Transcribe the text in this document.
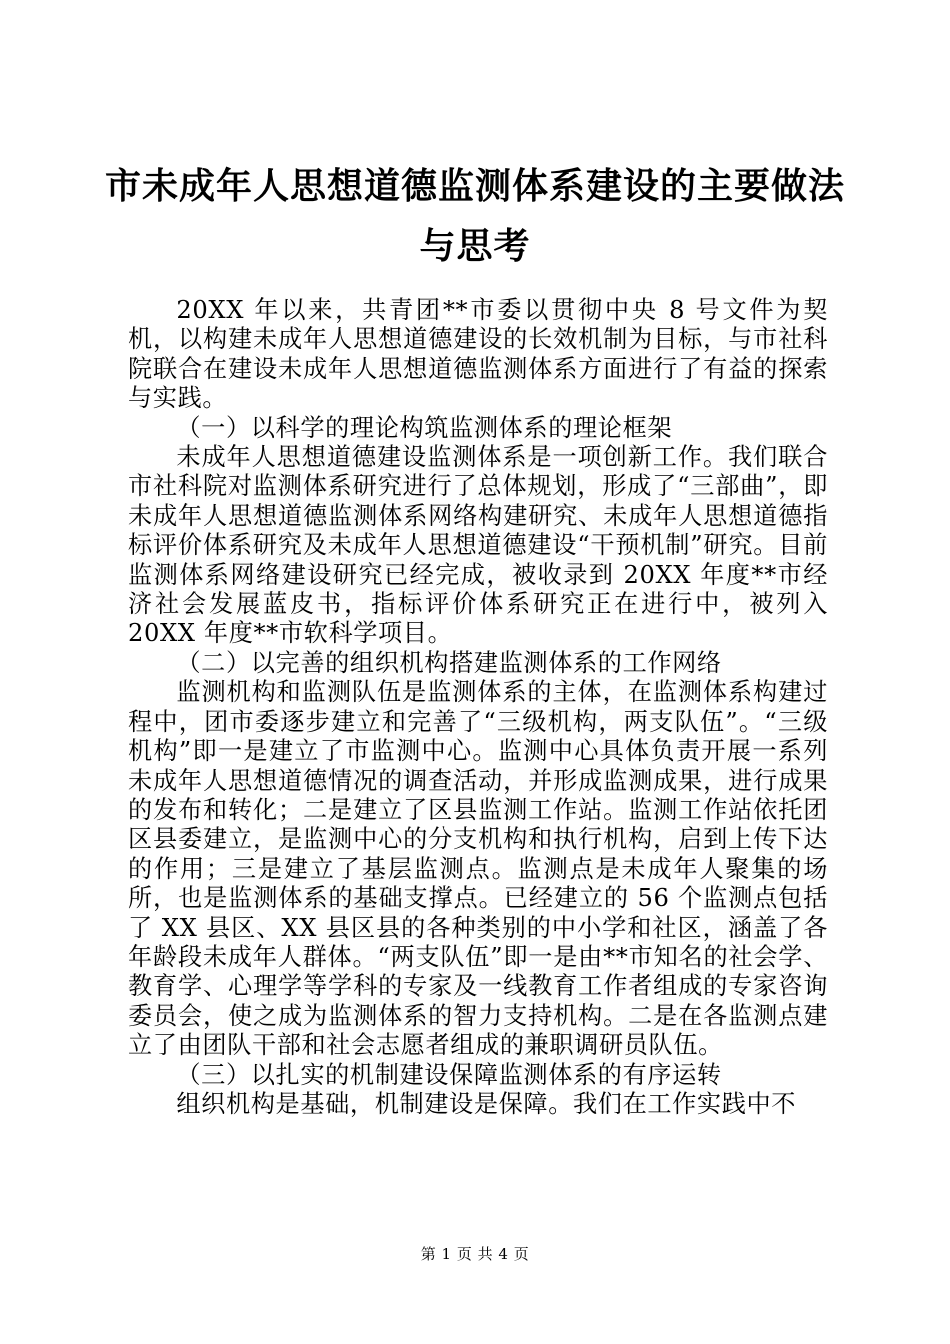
市未成年人思想道德监测体系建设的主要做法
与思考

20XX 年以来，共青团**市委以贯彻中央 8 号文件为契机，以构建未成年人思想道德建设的长效机制为目标，与市社科院联合在建设未成年人思想道德监测体系方面进行了有益的探索与实践。

（一）以科学的理论构筑监测体系的理论框架

未成年人思想道德建设监测体系是一项创新工作。我们联合市社科院对监测体系研究进行了总体规划，形成了“三部曲”，即未成年人思想道德监测体系网络构建研究、未成年人思想道德指标评价体系研究及未成年人思想道德建设“干预机制”研究。目前监测体系网络建设研究已经完成，被收录到 20XX 年度**市经济社会发展蓝皮书，指标评价体系研究正在进行中，被列入 20XX 年度**市软科学项目。

（二）以完善的组织机构搭建监测体系的工作网络

监测机构和监测队伍是监测体系的主体，在监测体系构建过程中，团市委逐步建立和完善了“三级机构，两支队伍”。“三级机构”即一是建立了市监测中心。监测中心具体负责开展一系列未成年人思想道德情况的调查活动，并形成监测成果，进行成果的发布和转化；二是建立了区县监测工作站。监测工作站依托团区县委建立，是监测中心的分支机构和执行机构，启到上传下达的作用；三是建立了基层监测点。监测点是未成年人聚集的场所，也是监测体系的基础支撑点。已经建立的 56 个监测点包括了 XX 县区、XX 县区县的各种类别的中小学和社区，涵盖了各年龄段未成年人群体。“两支队伍”即一是由**市知名的社会学、教育学、心理学等学科的专家及一线教育工作者组成的专家咨询委员会，使之成为监测体系的智力支持机构。二是在各监测点建立了由团队干部和社会志愿者组成的兼职调研员队伍。

（三）以扎实的机制建设保障监测体系的有序运转

组织机构是基础，机制建设是保障。我们在工作实践中不

第 1 页 共 4 页
